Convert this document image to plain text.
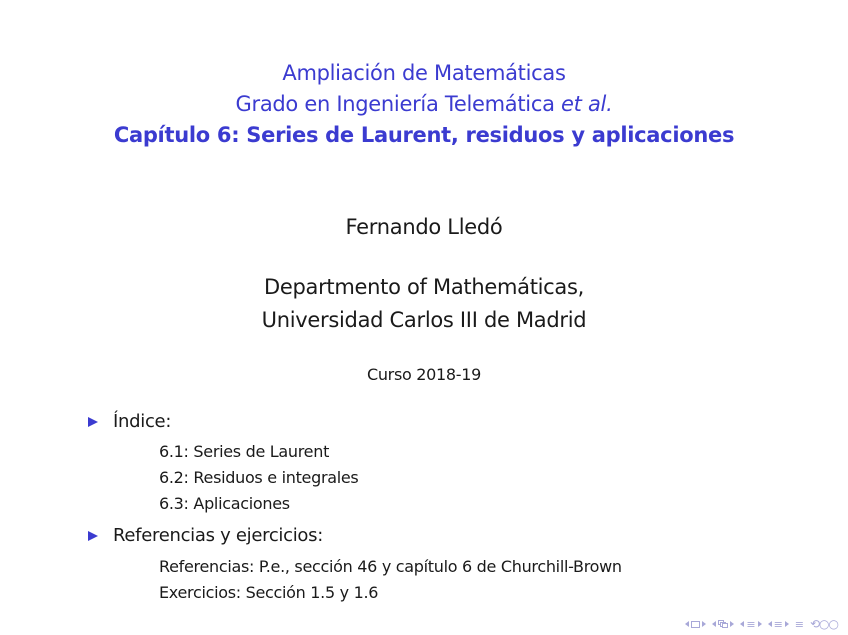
Ampliación de Matemáticas
Grado en Ingeniería Telemática et al.
Capítulo 6: Series de Laurent, residuos y aplicaciones
Fernando Lledó
Departmento of Mathemáticas,
Universidad Carlos III de Madrid
Curso 2018-19
Índice:
6.1: Series de Laurent
6.2: Residuos e integrales
6.3: Aplicaciones
Referencias y ejercicios:
Referencias: P.e., sección 46 y capítulo 6 de Churchill-Brown
Exercicios: Sección 1.5 y 1.6
≡ ≡ ≡ ⟲○○
